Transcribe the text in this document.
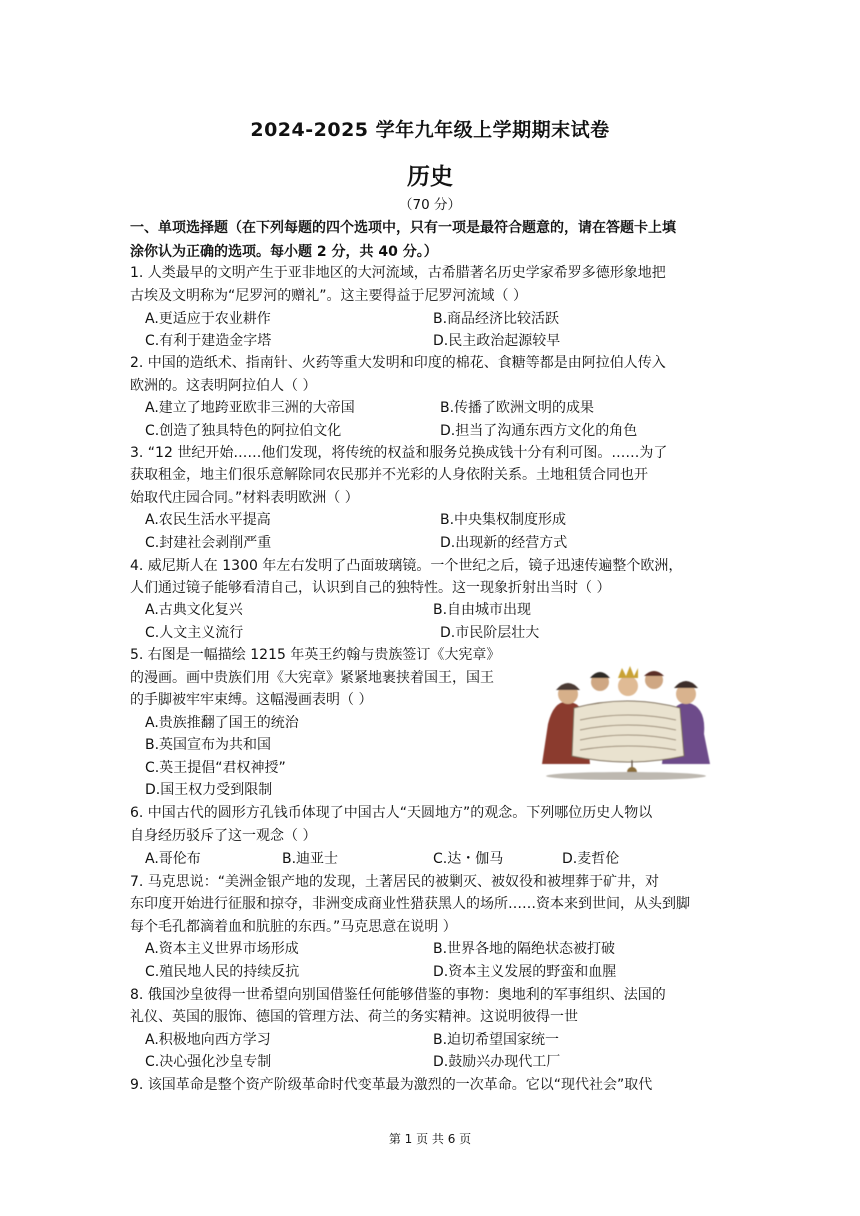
2024-2025 学年九年级上学期期末试卷
历史
（70 分）
一、单项选择题（在下列每题的四个选项中，只有一项是最符合题意的，请在答题卡上填
涂你认为正确的选项。每小题 2 分，共 40 分。）
1. 人类最早的文明产生于亚非地区的大河流域，古希腊著名历史学家希罗多德形象地把
古埃及文明称为“尼罗河的赠礼”。这主要得益于尼罗河流域（ ）
A.更适应于农业耕作	B.商品经济比较活跃
C.有利于建造金字塔	D.民主政治起源较早
2. 中国的造纸术、指南针、火药等重大发明和印度的棉花、食糖等都是由阿拉伯人传入
欧洲的。这表明阿拉伯人（ ）
A.建立了地跨亚欧非三洲的大帝国	B.传播了欧洲文明的成果
C.创造了独具特色的阿拉伯文化	D.担当了沟通东西方文化的角色
3. “12 世纪开始……他们发现，将传统的权益和服务兑换成钱十分有利可图。……为了
获取租金，地主们很乐意解除同农民那并不光彩的人身依附关系。土地租赁合同也开
始取代庄园合同。”材料表明欧洲（ ）
A.农民生活水平提高	B.中央集权制度形成
C.封建社会剥削严重	D.出现新的经营方式
4. 威尼斯人在 1300 年左右发明了凸面玻璃镜。一个世纪之后，镜子迅速传遍整个欧洲，
人们通过镜子能够看清自己，认识到自己的独特性。这一现象折射出当时（ ）
A.古典文化复兴	B.自由城市出现
C.人文主义流行	D.市民阶层壮大
5. 右图是一幅描绘 1215 年英王约翰与贵族签订《大宪章》
的漫画。画中贵族们用《大宪章》紧紧地裹挟着国王，国王
的手脚被牢牢束缚。这幅漫画表明（ ）
A.贵族推翻了国王的统治
B.英国宣布为共和国
C.英王提倡“君权神授”
D.国王权力受到限制
6. 中国古代的圆形方孔钱币体现了中国古人“天圆地方”的观念。下列哪位历史人物以
自身经历驳斥了这一观念（ ）
A.哥伦布	B.迪亚士	C.达・伽马	D.麦哲伦
7. 马克思说：“美洲金银产地的发现，土著居民的被剿灭、被奴役和被埋葬于矿井，对
东印度开始进行征服和掠夺，非洲变成商业性猎获黑人的场所……资本来到世间，从头到脚
每个毛孔都滴着血和肮脏的东西。”马克思意在说明 ）
A.资本主义世界市场形成	B.世界各地的隔绝状态被打破
C.殖民地人民的持续反抗	D.资本主义发展的野蛮和血腥
8. 俄国沙皇彼得一世希望向别国借鉴任何能够借鉴的事物：奥地利的军事组织、法国的
礼仪、英国的服饰、德国的管理方法、荷兰的务实精神。这说明彼得一世
A.积极地向西方学习	B.迫切希望国家统一
C.决心强化沙皇专制	D.鼓励兴办现代工厂
9. 该国革命是整个资产阶级革命时代变革最为激烈的一次革命。它以“现代社会”取代
第 1 页 共 6 页
